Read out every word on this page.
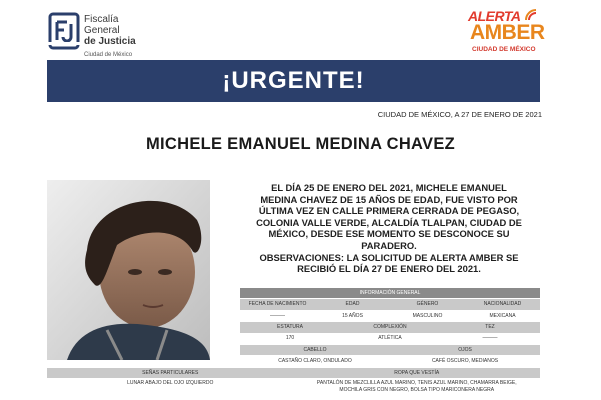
Fiscalía
General
de Justicia
Ciudad de México
ALERTA
AMBER
CIUDAD DE MÉXICO
¡URGENTE!
CIUDAD DE MÉXICO, A 27 DE ENERO DE 2021
MICHELE EMANUEL MEDINA CHAVEZ
EL DÍA 25 DE ENERO DEL 2021, MICHELE EMANUEL
MEDINA CHAVEZ DE 15 AÑOS DE EDAD, FUE VISTO POR
ÚLTIMA VEZ EN CALLE PRIMERA CERRADA DE PEGASO,
COLONIA VALLE VERDE, ALCALDÍA TLALPAN, CIUDAD DE
MÉXICO, DESDE ESE MOMENTO SE DESCONOCE SU
PARADERO.
OBSERVACIONES: LA SOLICITUD DE ALERTA AMBER SE
RECIBIÓ EL DÍA 27 DE ENERO DEL 2021.
INFORMACIÓN GENERAL
FECHA DE NACIMIENTO	EDAD	GÉNERO	NACIONALIDAD
———	15 AÑOS	MASCULINO	MEXICANA
ESTATURA	COMPLEXIÓN	TEZ
170	ATLÉTICA	———
CABELLO	OJOS
CASTAÑO CLARO, ONDULADO	CAFÉ OSCURO, MEDIANOS
SEÑAS PARTICULARES	ROPA QUE VESTÍA
LUNAR ABAJO DEL OJO IZQUIERDO	PANTALÓN DE MEZCLILLA AZUL MARINO, TENIS AZUL MARINO, CHAMARRA BEIGE,
MOCHILA GRIS CON NEGRO, BOLSA TIPO MARICONERA NEGRA
